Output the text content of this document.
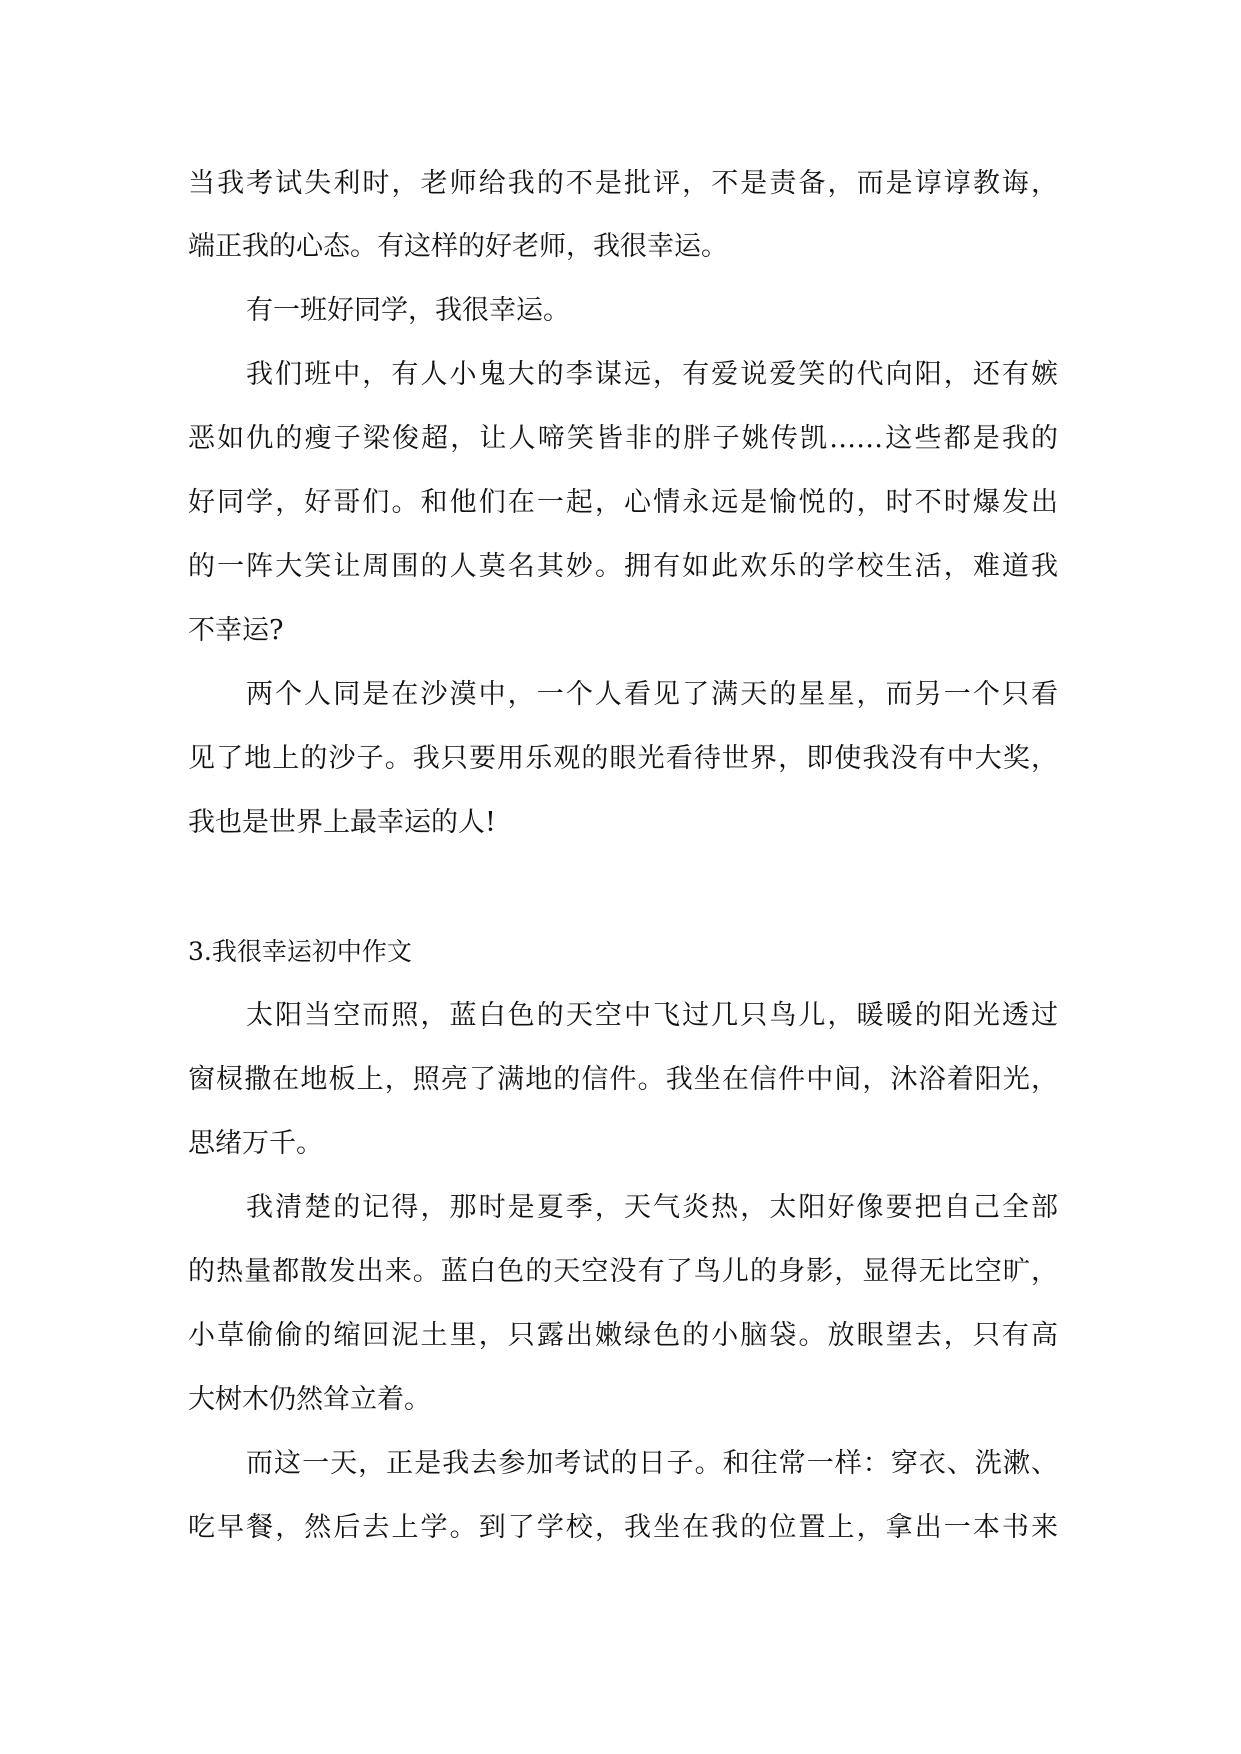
当我考试失利时，老师给我的不是批评，不是责备，而是谆谆教诲，
端正我的心态。有这样的好老师，我很幸运。
有一班好同学，我很幸运。
我们班中，有人小鬼大的李谋远，有爱说爱笑的代向阳，还有嫉
恶如仇的瘦子梁俊超，让人啼笑皆非的胖子姚传凯……这些都是我的
好同学，好哥们。和他们在一起，心情永远是愉悦的，时不时爆发出
的一阵大笑让周围的人莫名其妙。拥有如此欢乐的学校生活，难道我
不幸运?
两个人同是在沙漠中，一个人看见了满天的星星，而另一个只看
见了地上的沙子。我只要用乐观的眼光看待世界，即使我没有中大奖，
我也是世界上最幸运的人!
3.我很幸运初中作文
太阳当空而照，蓝白色的天空中飞过几只鸟儿，暖暖的阳光透过
窗棂撒在地板上，照亮了满地的信件。我坐在信件中间，沐浴着阳光，
思绪万千。
我清楚的记得，那时是夏季，天气炎热，太阳好像要把自己全部
的热量都散发出来。蓝白色的天空没有了鸟儿的身影，显得无比空旷，
小草偷偷的缩回泥土里，只露出嫩绿色的小脑袋。放眼望去，只有高
大树木仍然耸立着。
而这一天，正是我去参加考试的日子。和往常一样：穿衣、洗漱、
吃早餐，然后去上学。到了学校，我坐在我的位置上，拿出一本书来
